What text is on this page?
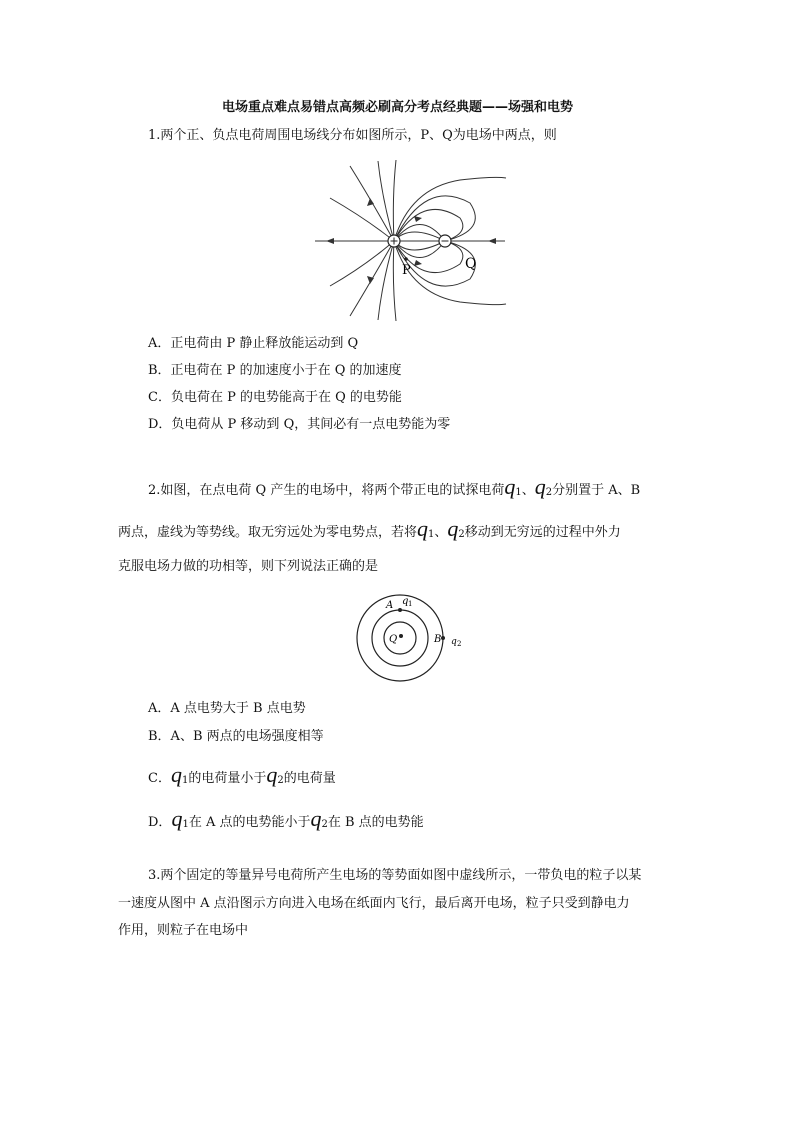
电场重点难点易错点高频必刷高分考点经典题——场强和电势
1.两个正、负点电荷周围电场线分布如图所示，P、Q为电场中两点，则
P	Q
A．正电荷由 P 静止释放能运动到 Q
B．正电荷在 P 的加速度小于在 Q 的加速度
C．负电荷在 P 的电势能高于在 Q 的电势能
D．负电荷从 P 移动到 Q，其间必有一点电势能为零
2.如图，在点电荷 Q 产生的电场中，将两个带正电的试探电荷q1、q2分别置于 A、B
两点，虚线为等势线。取无穷远处为零电势点，若将q1、q2移动到无穷远的过程中外力
克服电场力做的功相等，则下列说法正确的是
A q 1
Q	B q 2
A．A 点电势大于 B 点电势
B．A、B 两点的电场强度相等
C．q1的电荷量小于q2的电荷量
D．q1在 A 点的电势能小于q2在 B 点的电势能
3.两个固定的等量异号电荷所产生电场的等势面如图中虚线所示，一带负电的粒子以某
一速度从图中 A 点沿图示方向进入电场在纸面内飞行，最后离开电场，粒子只受到静电力
作用，则粒子在电场中
